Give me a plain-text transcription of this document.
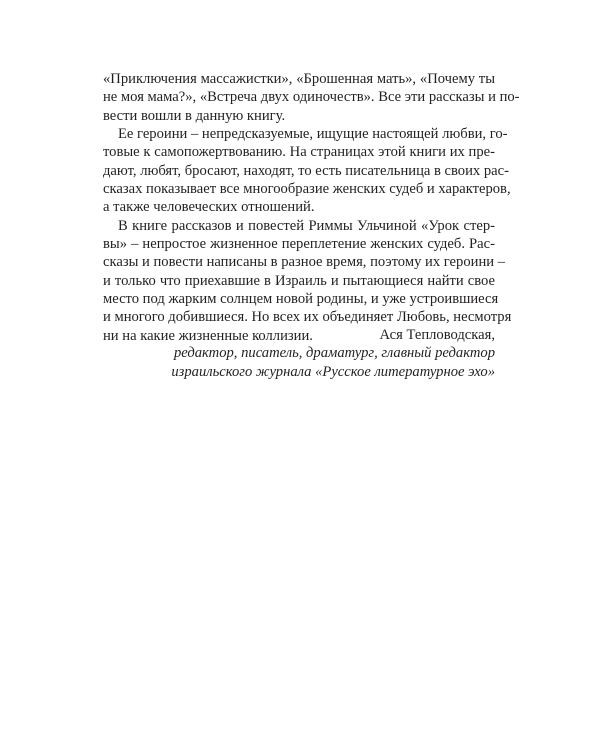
«Приключения массажистки», «Брошенная мать», «Почему ты
не моя мама?», «Встреча двух одиночеств». Все эти рассказы и по-
вести вошли в данную книгу.
Ее героини – непредсказуемые, ищущие настоящей любви, го-
товые к самопожертвованию. На страницах этой книги их пре-
дают, любят, бросают, находят, то есть писательница в своих рас-
сказах показывает все многообразие женских судеб и характеров,
а также человеческих отношений.
В книге рассказов и повестей Риммы Ульчиной «Урок стер-
вы» – непростое жизненное переплетение женских судеб. Рас-
сказы и повести написаны в разное время, поэтому их героини –
и только что приехавшие в Израиль и пытающиеся найти свое
место под жарким солнцем новой родины, и уже устроившиеся
и многого добившиеся. Но всех их объединяет Любовь, несмотря
ни на какие жизненные коллизии.	Ася Тепловодская,
редактор, писатель, драматург, главный редактор
израильского журнала «Русское литературное эхо»
